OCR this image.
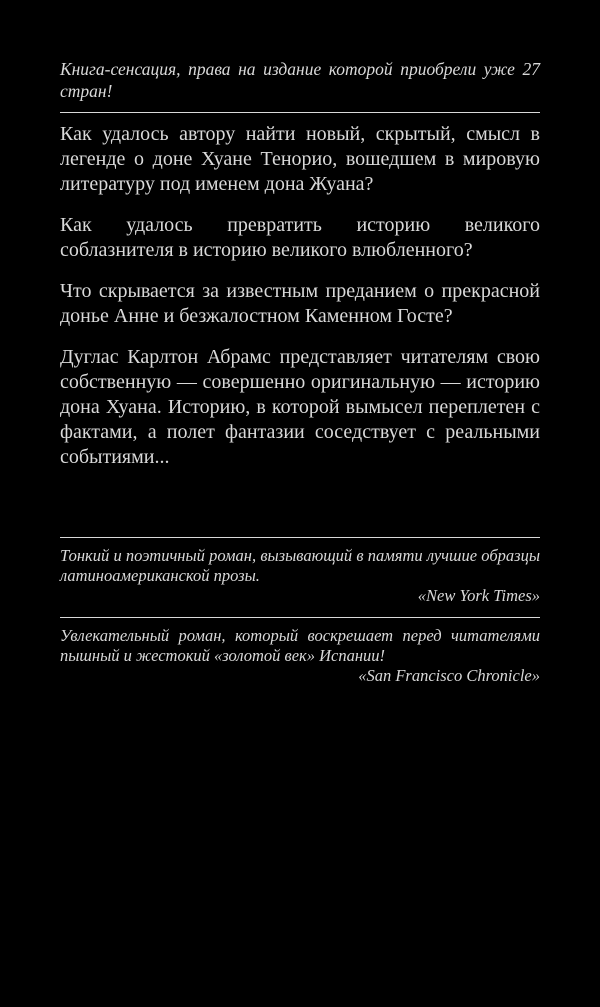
Книга-сенсация, права на издание которой приобрели уже 27 стран!

Как удалось автору найти новый, скрытый, смысл в легенде о доне Хуане Тенорио, вошедшем в мировую литературу под именем дона Жуана?

Как удалось превратить историю великого соблазнителя в историю великого влюбленного?

Что скрывается за известным преданием о прекрасной донье Анне и безжалостном Каменном Госте?

Дуглас Карлтон Абрамс представляет читателям свою собственную — совершенно оригинальную — историю дона Хуана. Историю, в которой вымысел переплетен с фактами, а полет фантазии соседствует с реальными событиями...

Тонкий и поэтичный роман, вызывающий в памяти лучшие образцы латиноамериканской прозы.

«New York Times»

Увлекательный роман, который воскрешает перед читателями пышный и жестокий «золотой век» Испании!

«San Francisco Chronicle»
